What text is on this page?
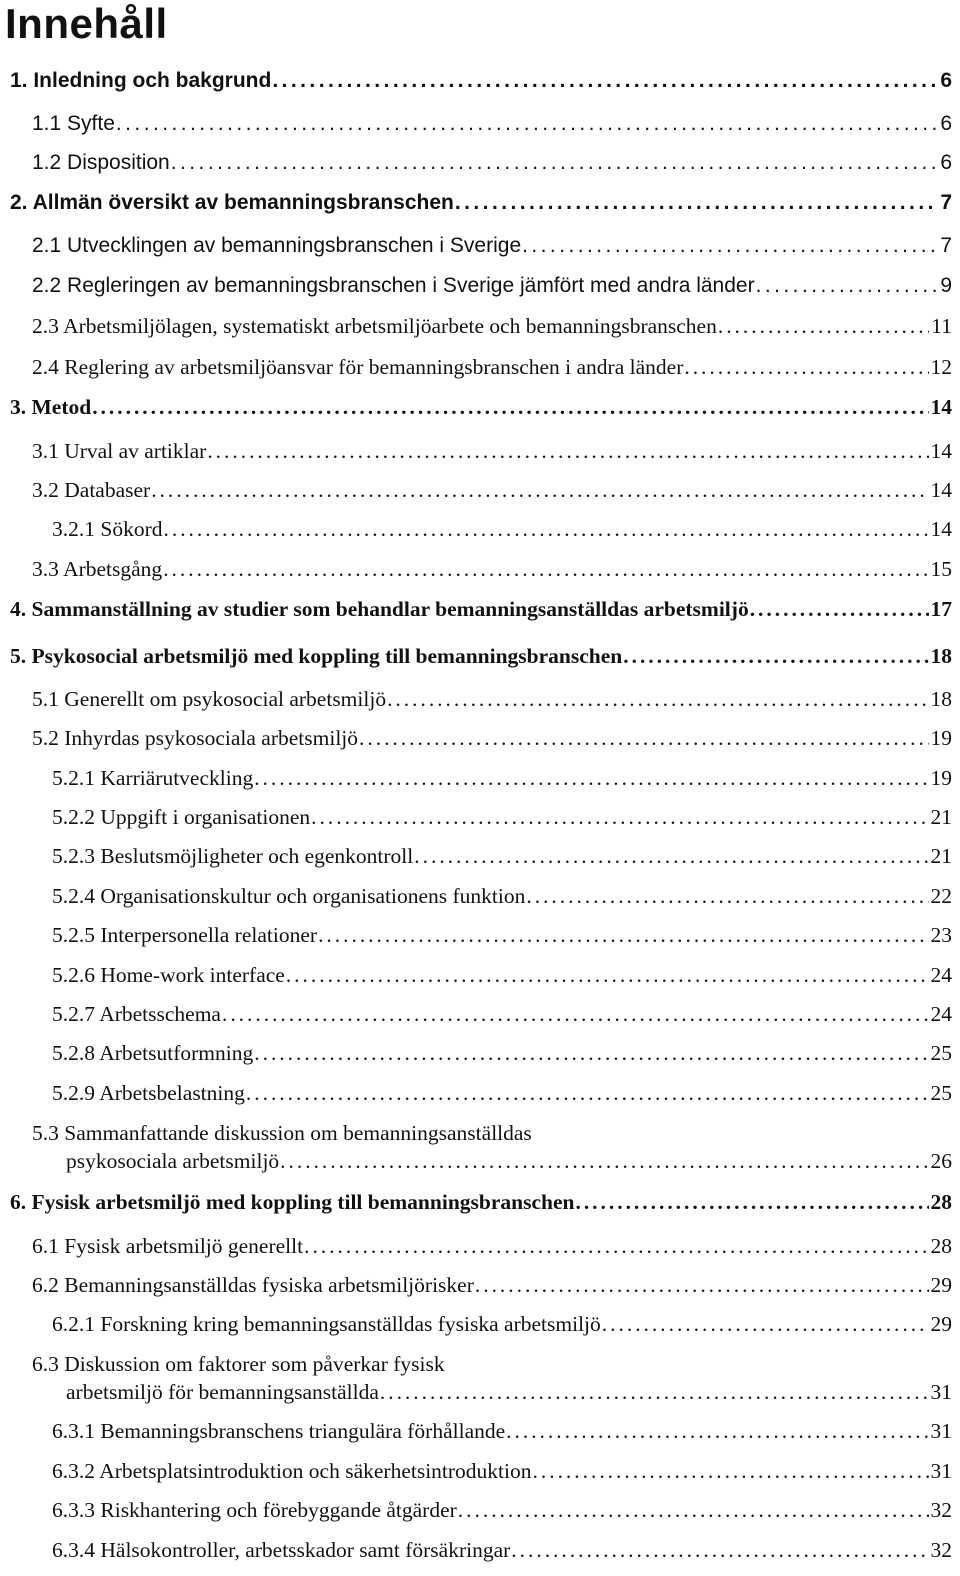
Innehåll
1. Inledning och bakgrund . . .	6
1.1 Syfte . . .	6
1.2 Disposition . . .	6
2. Allmän översikt av bemanningsbranschen . . .	7
2.1 Utvecklingen av bemanningsbranschen i Sverige . . .	7
2.2 Regleringen av bemanningsbranschen i Sverige jämfört med andra länder . . .	9
2.3 Arbetsmiljölagen, systematiskt arbetsmiljöarbete och bemanningsbranschen . . .	11
2.4 Reglering av arbetsmiljöansvar för bemanningsbranschen i andra länder . . .	12
3. Metod . . .	14
3.1 Urval av artiklar . . .	14
3.2 Databaser . . .	14
3.2.1 Sökord . . .	14
3.3 Arbetsgång . . .	15
4. Sammanställning av studier som behandlar bemanningsanställdas arbetsmiljö . . .	17
5. Psykosocial arbetsmiljö med koppling till bemanningsbranschen . . .	18
5.1 Generellt om psykosocial arbetsmiljö . . .	18
5.2 Inhyrdas psykosociala arbetsmiljö . . .	19
5.2.1 Karriärutveckling . . .	19
5.2.2 Uppgift i organisationen . . .	21
5.2.3 Beslutsmöjligheter och egenkontroll . . .	21
5.2.4 Organisationskultur och organisationens funktion . . .	22
5.2.5 Interpersonella relationer . . .	23
5.2.6 Home-work interface . . .	24
5.2.7 Arbetsschema . . .	24
5.2.8 Arbetsutformning . . .	25
5.2.9 Arbetsbelastning . . .	25
5.3 Sammanfattande diskussion om bemanningsanställdas
psykosociala arbetsmiljö . . .	26
6. Fysisk arbetsmiljö med koppling till bemanningsbranschen . . .	28
6.1 Fysisk arbetsmiljö generellt . . .	28
6.2 Bemanningsanställdas fysiska arbetsmiljörisker . . .	29
6.2.1 Forskning kring bemanningsanställdas fysiska arbetsmiljö . . .	29
6.3 Diskussion om faktorer som påverkar fysisk
arbetsmiljö för bemanningsanställda . . .	31
6.3.1 Bemanningsbranschens triangulära förhållande . . .	31
6.3.2 Arbetsplatsintroduktion och säkerhetsintroduktion . . .	31
6.3.3 Riskhantering och förebyggande åtgärder . . .	32
6.3.4 Hälsokontroller, arbetsskador samt försäkringar . . .	32
